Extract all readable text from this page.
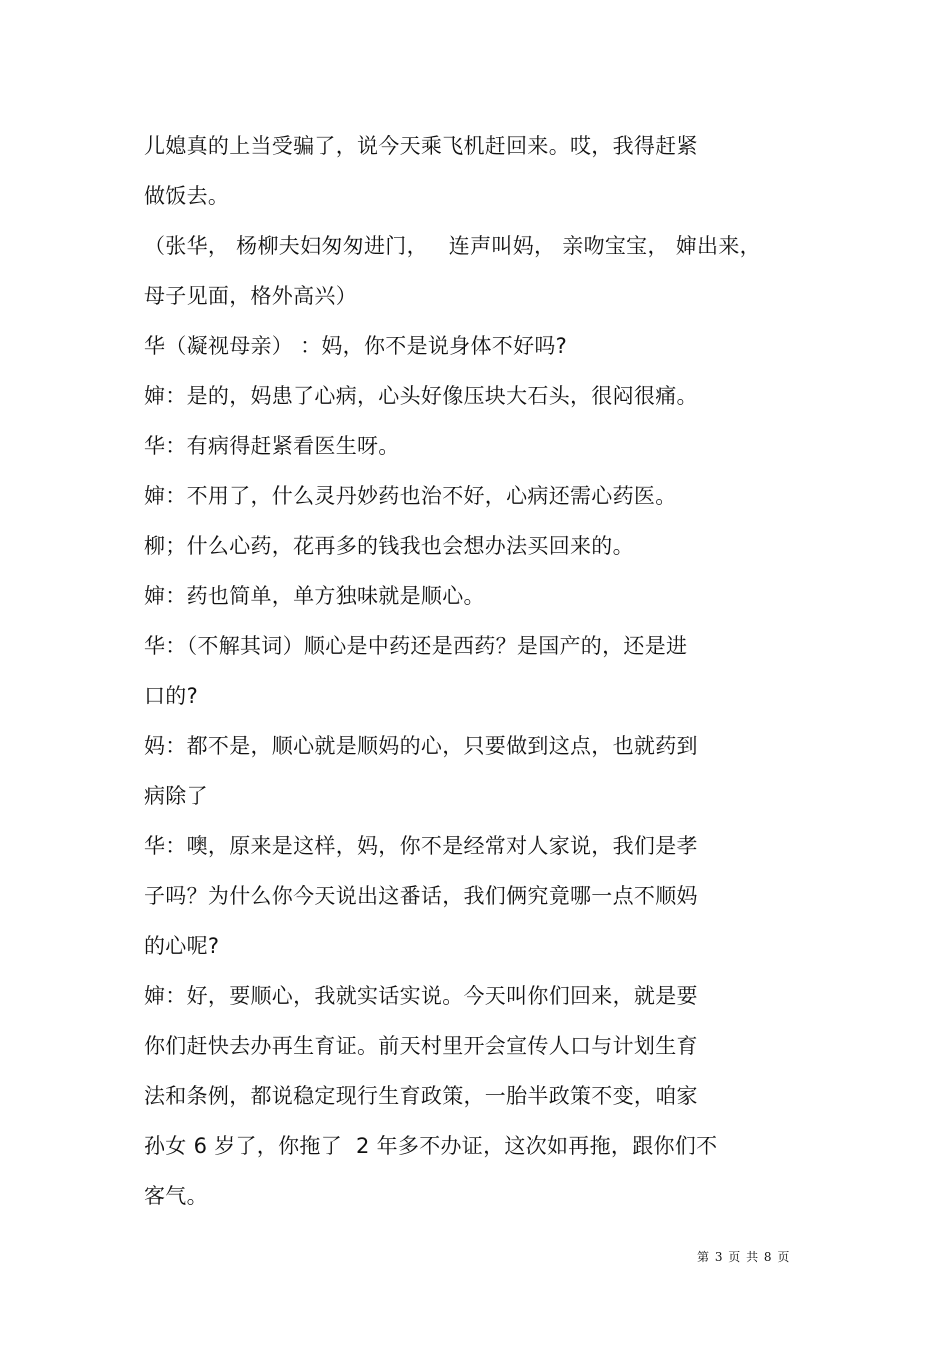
儿媳真的上当受骗了，说今天乘飞机赶回来。哎，我得赶紧
做饭去。
（张华， 杨柳夫妇匆匆进门，   连声叫妈， 亲吻宝宝， 婶出来，
母子见面，格外高兴）
华（凝视母亲） ：妈，你不是说身体不好吗?
婶：是的，妈患了心病，心头好像压块大石头，很闷很痛。
华：有病得赶紧看医生呀。
婶：不用了，什么灵丹妙药也治不好，心病还需心药医。
柳；什么心药，花再多的钱我也会想办法买回来的。
婶：药也简单，单方独味就是顺心。
华：（不解其词）顺心是中药还是西药？是国产的，还是进
口的?
妈：都不是，顺心就是顺妈的心，只要做到这点，也就药到
病除了
华：噢，原来是这样，妈，你不是经常对人家说，我们是孝
子吗？为什么你今天说出这番话，我们俩究竟哪一点不顺妈
的心呢?
婶：好，要顺心，我就实话实说。今天叫你们回来，就是要
你们赶快去办再生育证。前天村里开会宣传人口与计划生育
法和条例，都说稳定现行生育政策，一胎半政策不变，咱家
孙女 6 岁了，你拖了  2 年多不办证，这次如再拖，跟你们不
客气。
第 3 页 共 8 页
